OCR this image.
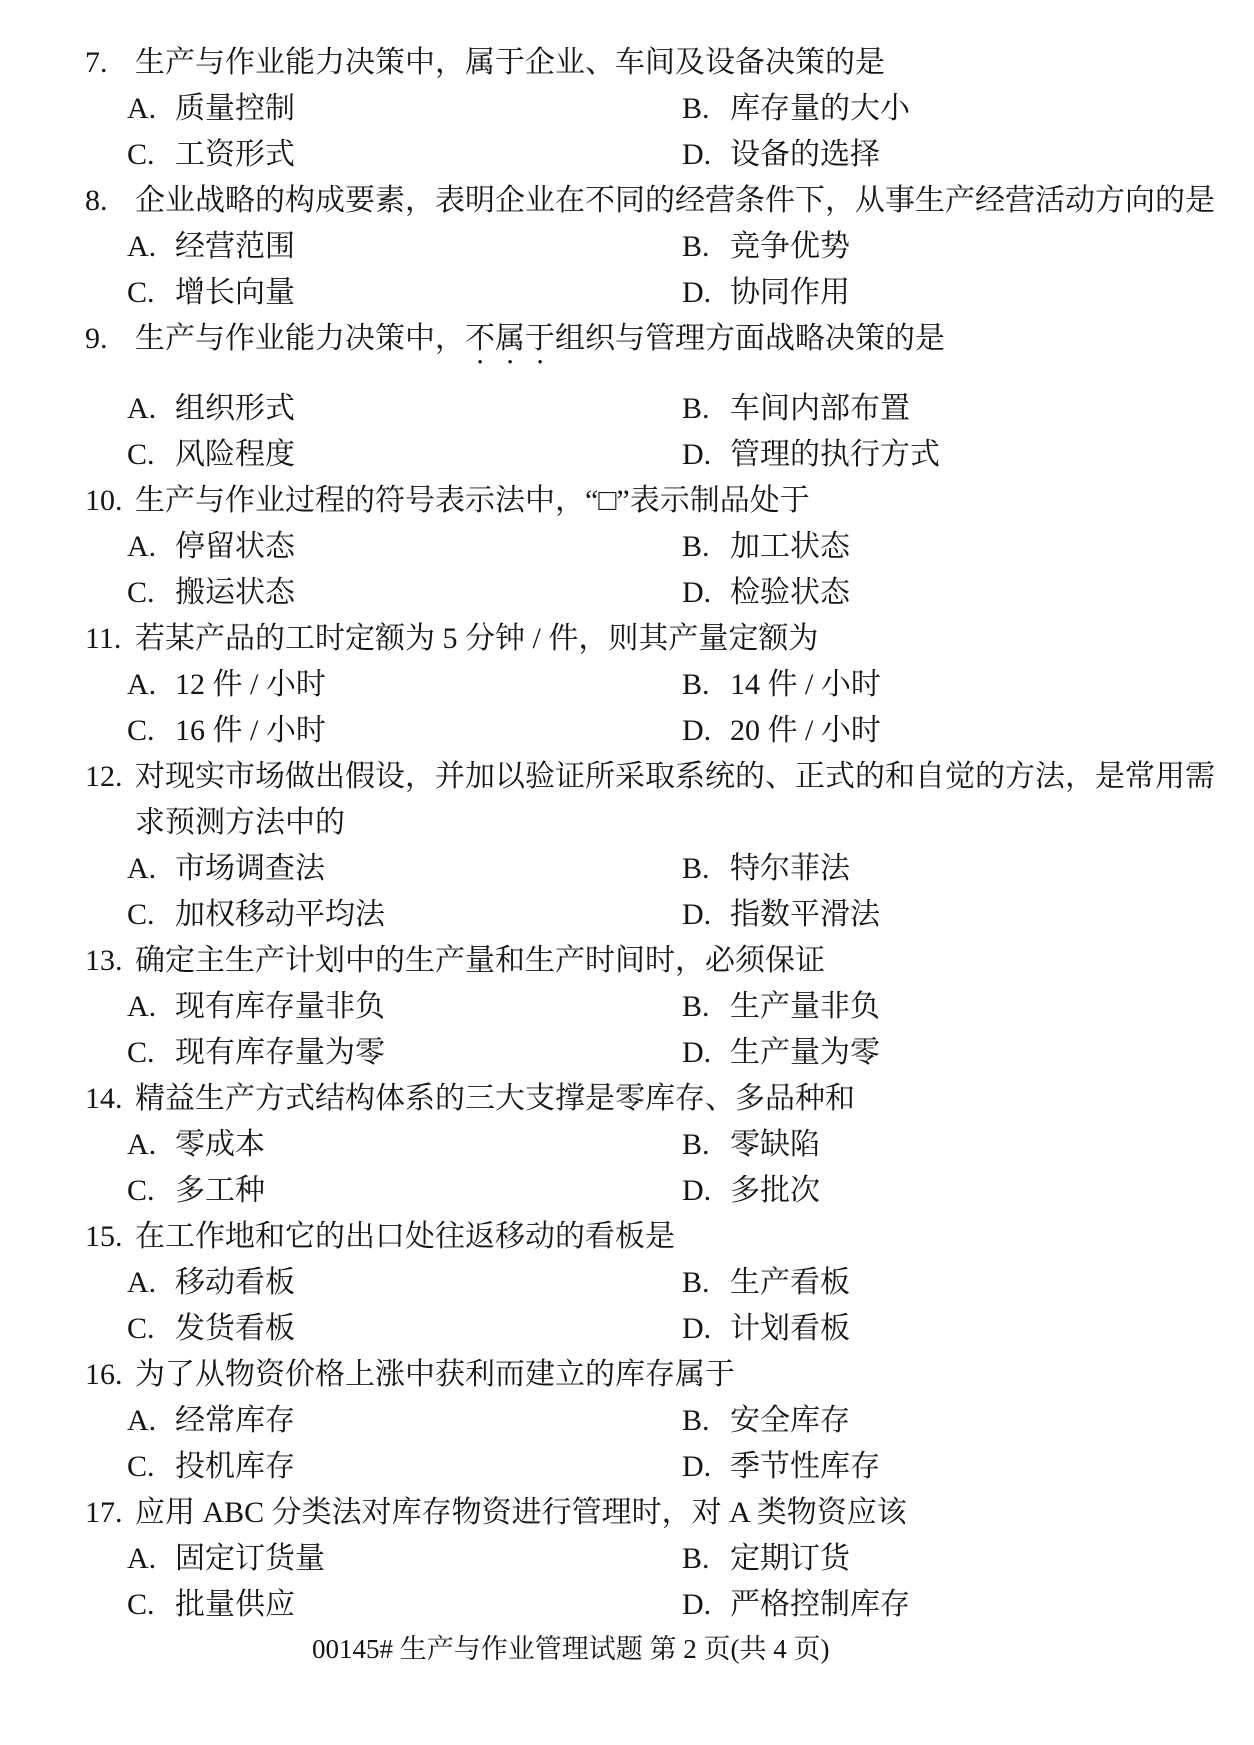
7. 生产与作业能力决策中，属于企业、车间及设备决策的是
A. 质量控制	B. 库存量的大小
C. 工资形式	D. 设备的选择
8. 企业战略的构成要素，表明企业在不同的经营条件下，从事生产经营活动方向的是
A. 经营范围	B. 竞争优势
C. 增长向量	D. 协同作用
9. 生产与作业能力决策中，不属于组织与管理方面战略决策的是
A. 组织形式	B. 车间内部布置
C. 风险程度	D. 管理的执行方式
10. 生产与作业过程的符号表示法中，“□”表示制品处于
A. 停留状态	B. 加工状态
C. 搬运状态	D. 检验状态
11. 若某产品的工时定额为 5 分钟 / 件，则其产量定额为
A. 12 件 / 小时	B. 14 件 / 小时
C. 16 件 / 小时	D. 20 件 / 小时
12. 对现实市场做出假设，并加以验证所采取系统的、正式的和自觉的方法，是常用需
求预测方法中的
A. 市场调查法	B. 特尔菲法
C. 加权移动平均法	D. 指数平滑法
13. 确定主生产计划中的生产量和生产时间时，必须保证
A. 现有库存量非负	B. 生产量非负
C. 现有库存量为零	D. 生产量为零
14. 精益生产方式结构体系的三大支撑是零库存、多品种和
A. 零成本	B. 零缺陷
C. 多工种	D. 多批次
15. 在工作地和它的出口处往返移动的看板是
A. 移动看板	B. 生产看板
C. 发货看板	D. 计划看板
16. 为了从物资价格上涨中获利而建立的库存属于
A. 经常库存	B. 安全库存
C. 投机库存	D. 季节性库存
17. 应用 ABC 分类法对库存物资进行管理时，对 A 类物资应该
A. 固定订货量	B. 定期订货
C. 批量供应	D. 严格控制库存
00145# 生产与作业管理试题 第 2 页(共 4 页)
